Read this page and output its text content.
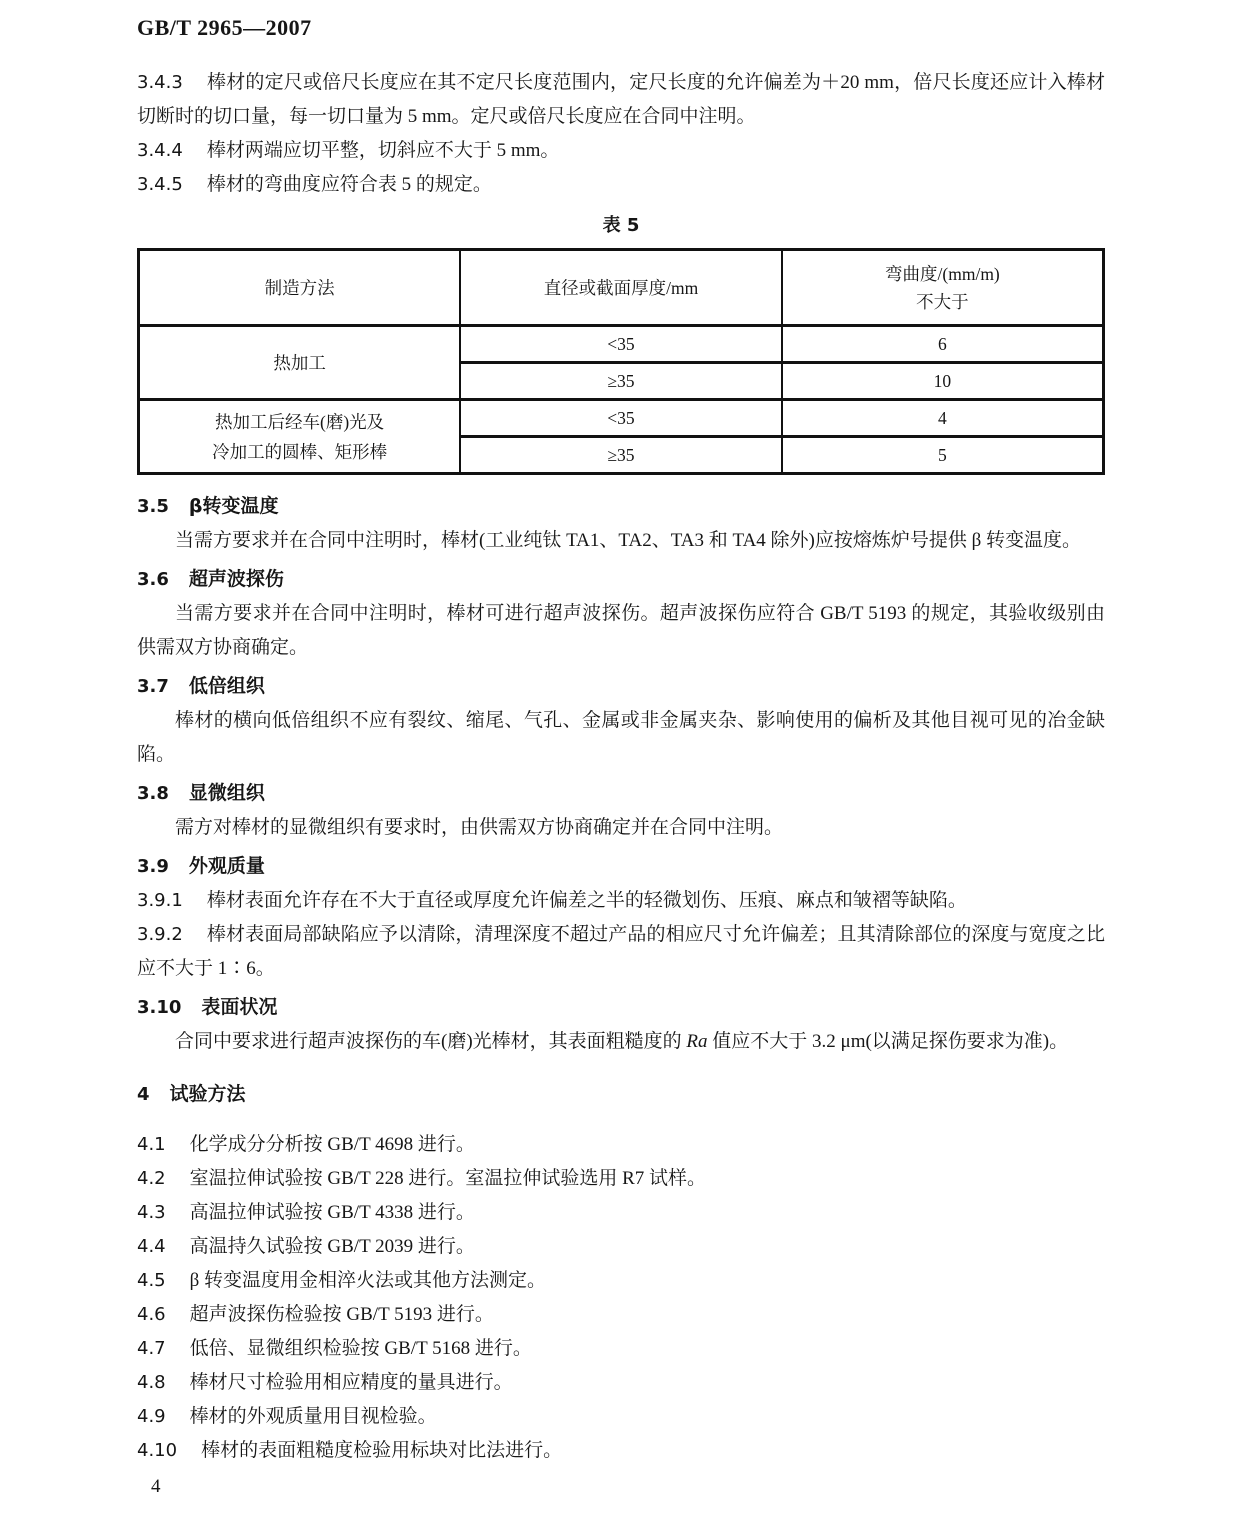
GB/T 2965—2007

3.4.3 棒材的定尺或倍尺长度应在其不定尺长度范围内，定尺长度的允许偏差为＋20 mm，倍尺长度还应计入棒材切断时的切口量，每一切口量为 5 mm。定尺或倍尺长度应在合同中注明。

3.4.4 棒材两端应切平整，切斜应不大于 5 mm。

3.4.5 棒材的弯曲度应符合表 5 的规定。

表 5
制造方法	直径或截面厚度/mm	弯曲度/(mm/m)
不大于

热加工	<35	6
	≥35	10

热加工后经车(磨)光及
冷加工的圆棒、矩形棒	<35	4
	≥35	5

3.5 β转变温度

当需方要求并在合同中注明时，棒材(工业纯钛 TA1、TA2、TA3 和 TA4 除外)应按熔炼炉号提供 β 转变温度。

3.6 超声波探伤

当需方要求并在合同中注明时，棒材可进行超声波探伤。超声波探伤应符合 GB/T 5193 的规定，其验收级别由供需双方协商确定。

3.7 低倍组织

棒材的横向低倍组织不应有裂纹、缩尾、气孔、金属或非金属夹杂、影响使用的偏析及其他目视可见的冶金缺陷。

3.8 显微组织

需方对棒材的显微组织有要求时，由供需双方协商确定并在合同中注明。

3.9 外观质量

3.9.1 棒材表面允许存在不大于直径或厚度允许偏差之半的轻微划伤、压痕、麻点和皱褶等缺陷。

3.9.2 棒材表面局部缺陷应予以清除，清理深度不超过产品的相应尺寸允许偏差；且其清除部位的深度与宽度之比应不大于 1∶6。

3.10 表面状况

合同中要求进行超声波探伤的车(磨)光棒材，其表面粗糙度的 Ra 值应不大于 3.2 μm(以满足探伤要求为准)。

4 试验方法

4.1 化学成分分析按 GB/T 4698 进行。

4.2 室温拉伸试验按 GB/T 228 进行。室温拉伸试验选用 R7 试样。

4.3 高温拉伸试验按 GB/T 4338 进行。

4.4 高温持久试验按 GB/T 2039 进行。

4.5 β 转变温度用金相淬火法或其他方法测定。

4.6 超声波探伤检验按 GB/T 5193 进行。

4.7 低倍、显微组织检验按 GB/T 5168 进行。

4.8 棒材尺寸检验用相应精度的量具进行。

4.9 棒材的外观质量用目视检验。

4.10 棒材的表面粗糙度检验用标块对比法进行。

4
